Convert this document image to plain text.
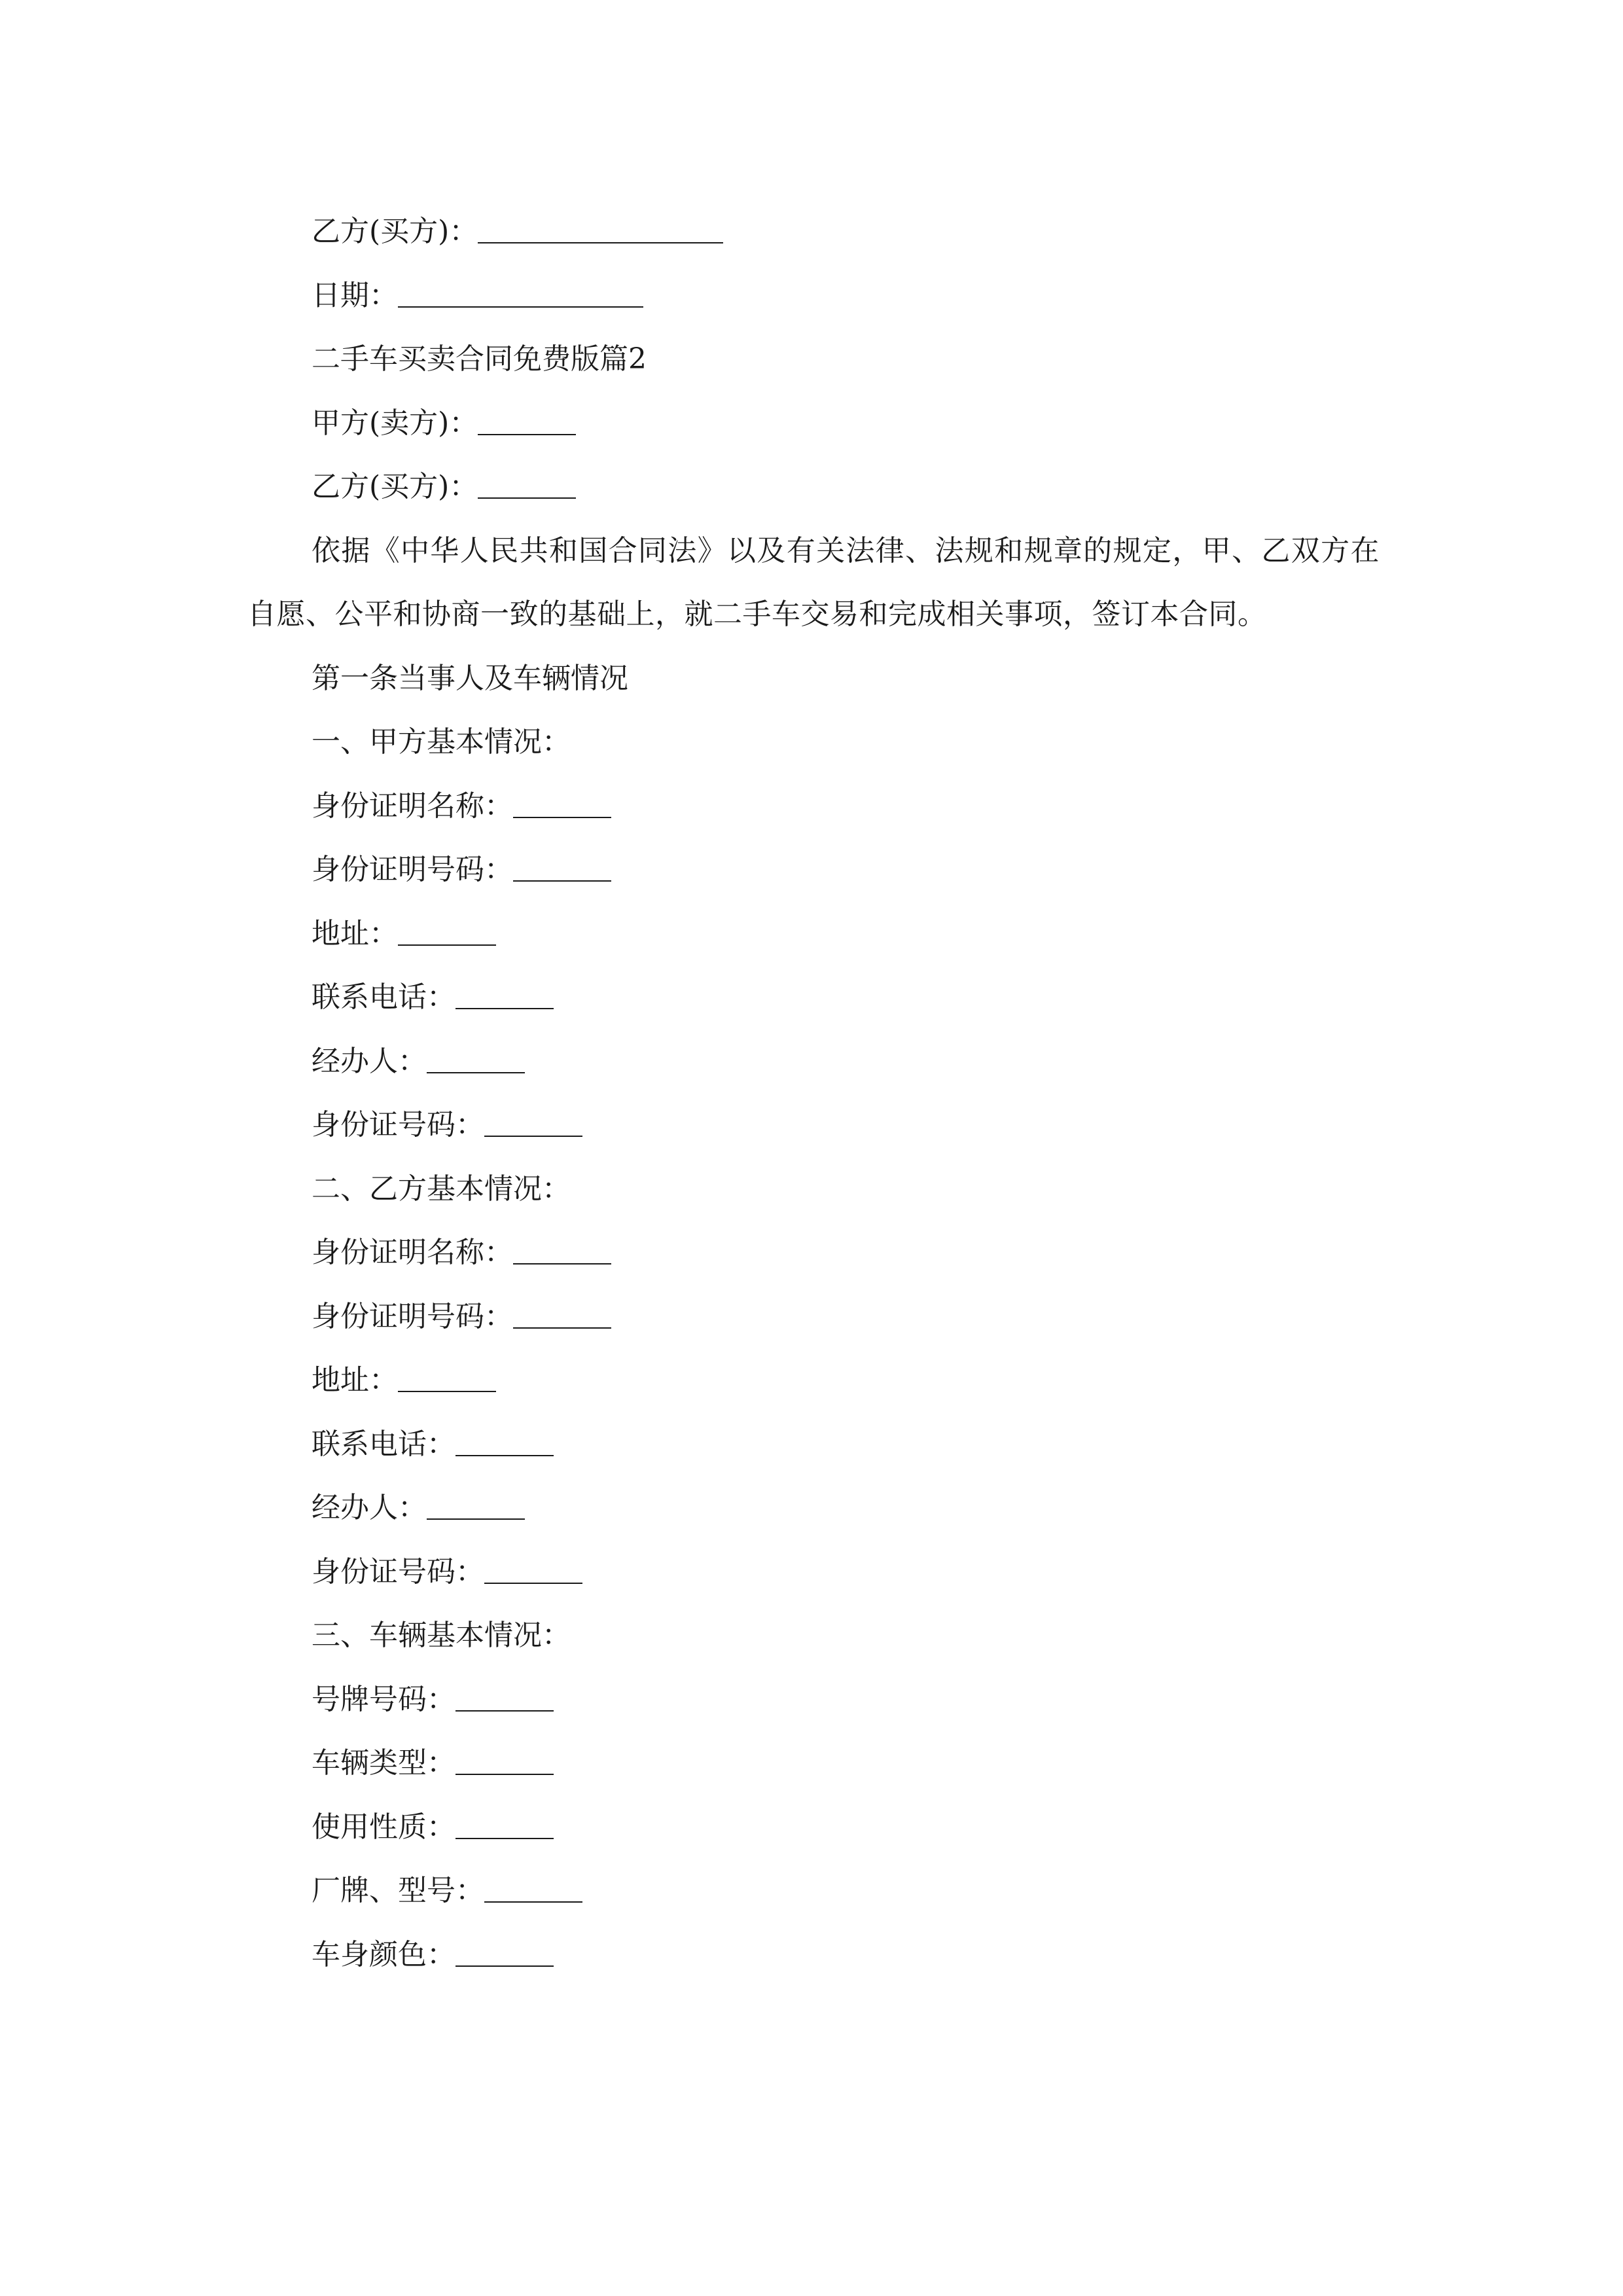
乙方(买方)：
日期：
二手车买卖合同免费版篇2
甲方(卖方)：
乙方(买方)：
依据《中华人民共和国合同法》以及有关法律、法规和规章的规定，甲、乙双方在自愿、公平和协商一致的基础上，就二手车交易和完成相关事项，签订本合同。
第一条当事人及车辆情况
一、甲方基本情况：
身份证明名称：
身份证明号码：
地址：
联系电话：
经办人：
身份证号码：
二、乙方基本情况：
身份证明名称：
身份证明号码：
地址：
联系电话：
经办人：
身份证号码：
三、车辆基本情况：
号牌号码：
车辆类型：
使用性质：
厂牌、型号：
车身颜色：
